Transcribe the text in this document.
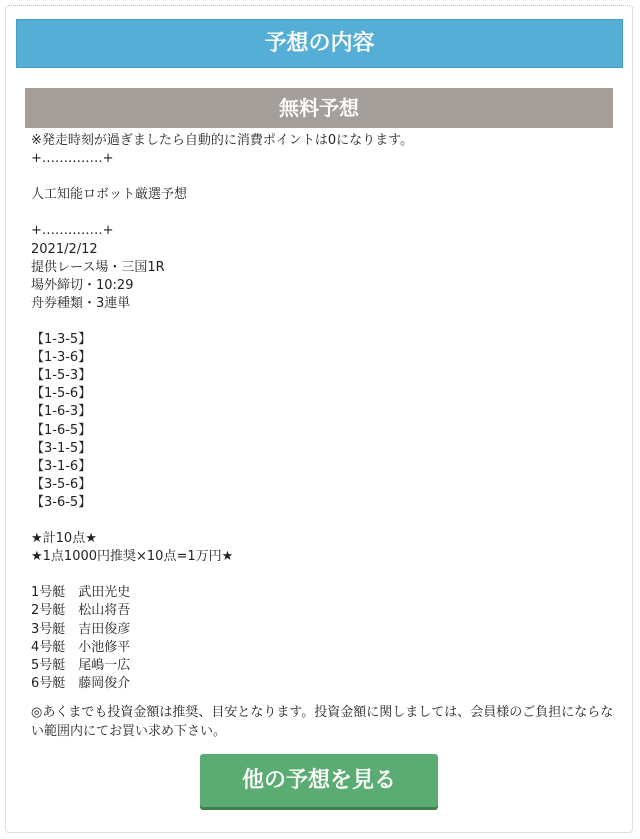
予想の内容
無料予想
※発走時刻が過ぎましたら自動的に消費ポイントは0になります。
+‥‥‥‥‥‥‥+
人工知能ロボット厳選予想
+‥‥‥‥‥‥‥+
2021/2/12
提供レース場・三国1R
場外締切・10:29
舟券種類・3連単
【1-3-5】
【1-3-6】
【1-5-3】
【1-5-6】
【1-6-3】
【1-6-5】
【3-1-5】
【3-1-6】
【3-5-6】
【3-6-5】
★計10点★
★1点1000円推奨×10点=1万円★
1号艇　武田光史
2号艇　松山将吾
3号艇　吉田俊彦
4号艇　小池修平
5号艇　尾嶋一広
6号艇　藤岡俊介
◎あくまでも投資金額は推奨、目安となります。投資金額に関しましては、会員様のご負担にならない範囲内にてお買い求め下さい。
他の予想を見る
